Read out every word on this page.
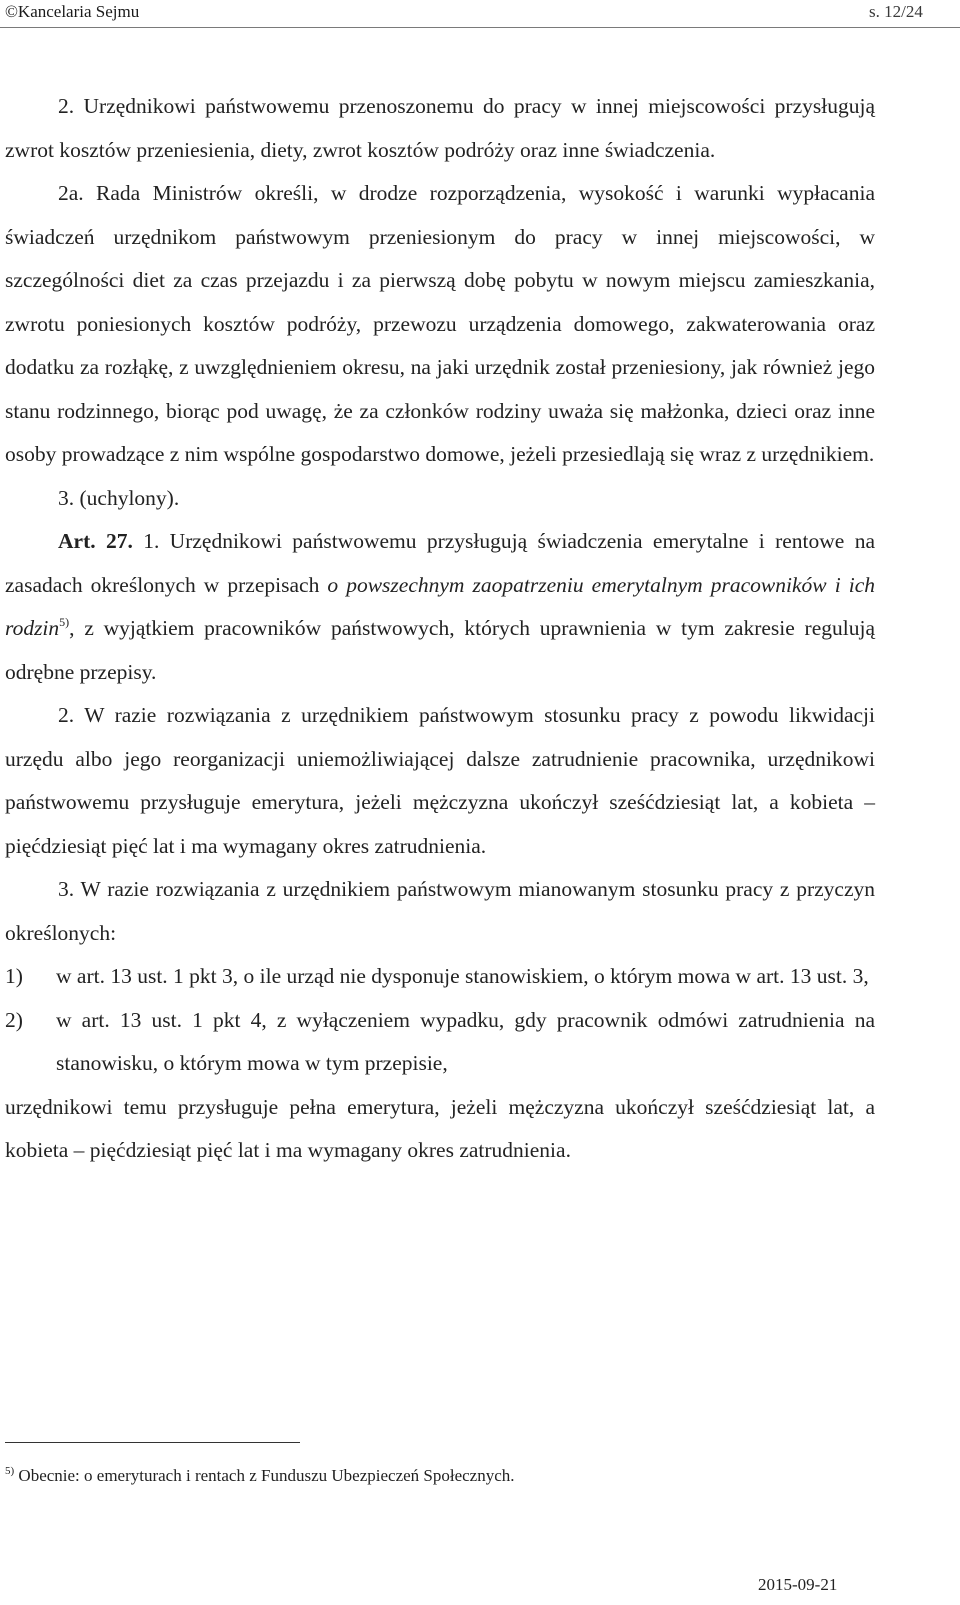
©Kancelaria Sejmu	s. 12/24

2. Urzędnikowi państwowemu przenoszonemu do pracy w innej miejscowości przysługują zwrot kosztów przeniesienia, diety, zwrot kosztów podróży oraz inne świadczenia.

2a. Rada Ministrów określi, w drodze rozporządzenia, wysokość i warunki wypłacania świadczeń urzędnikom państwowym przeniesionym do pracy w innej miejscowości, w szczególności diet za czas przejazdu i za pierwszą dobę pobytu w nowym miejscu zamieszkania, zwrotu poniesionych kosztów podróży, przewozu urządzenia domowego, zakwaterowania oraz dodatku za rozłąkę, z uwzględnieniem okresu, na jaki urzędnik został przeniesiony, jak również jego stanu rodzinnego, biorąc pod uwagę, że za członków rodziny uważa się małżonka, dzieci oraz inne osoby prowadzące z nim wspólne gospodarstwo domowe, jeżeli przesiedlają się wraz z urzędnikiem.

3. (uchylony).

Art. 27. 1. Urzędnikowi państwowemu przysługują świadczenia emerytalne i rentowe na zasadach określonych w przepisach o powszechnym zaopatrzeniu emerytalnym pracowników i ich rodzin$^{5)}$, z wyjątkiem pracowników państwowych, których uprawnienia w tym zakresie regulują odrębne przepisy.

2. W razie rozwiązania z urzędnikiem państwowym stosunku pracy z powodu likwidacji urzędu albo jego reorganizacji uniemożliwiającej dalsze zatrudnienie pracownika, urzędnikowi państwowemu przysługuje emerytura, jeżeli mężczyzna ukończył sześćdziesiąt lat, a kobieta – pięćdziesiąt pięć lat i ma wymagany okres zatrudnienia.

3. W razie rozwiązania z urzędnikiem państwowym mianowanym stosunku pracy z przyczyn określonych:

1)	w art. 13 ust. 1 pkt 3, o ile urząd nie dysponuje stanowiskiem, o którym mowa w art. 13 ust. 3,
2)	w art. 13 ust. 1 pkt 4, z wyłączeniem wypadku, gdy pracownik odmówi zatrudnienia na stanowisku, o którym mowa w tym przepisie,

urzędnikowi temu przysługuje pełna emerytura, jeżeli mężczyzna ukończył sześćdziesiąt lat, a kobieta – pięćdziesiąt pięć lat i ma wymagany okres zatrudnienia.

$^{5)}$ Obecnie: o emeryturach i rentach z Funduszu Ubezpieczeń Społecznych.
2015-09-21
